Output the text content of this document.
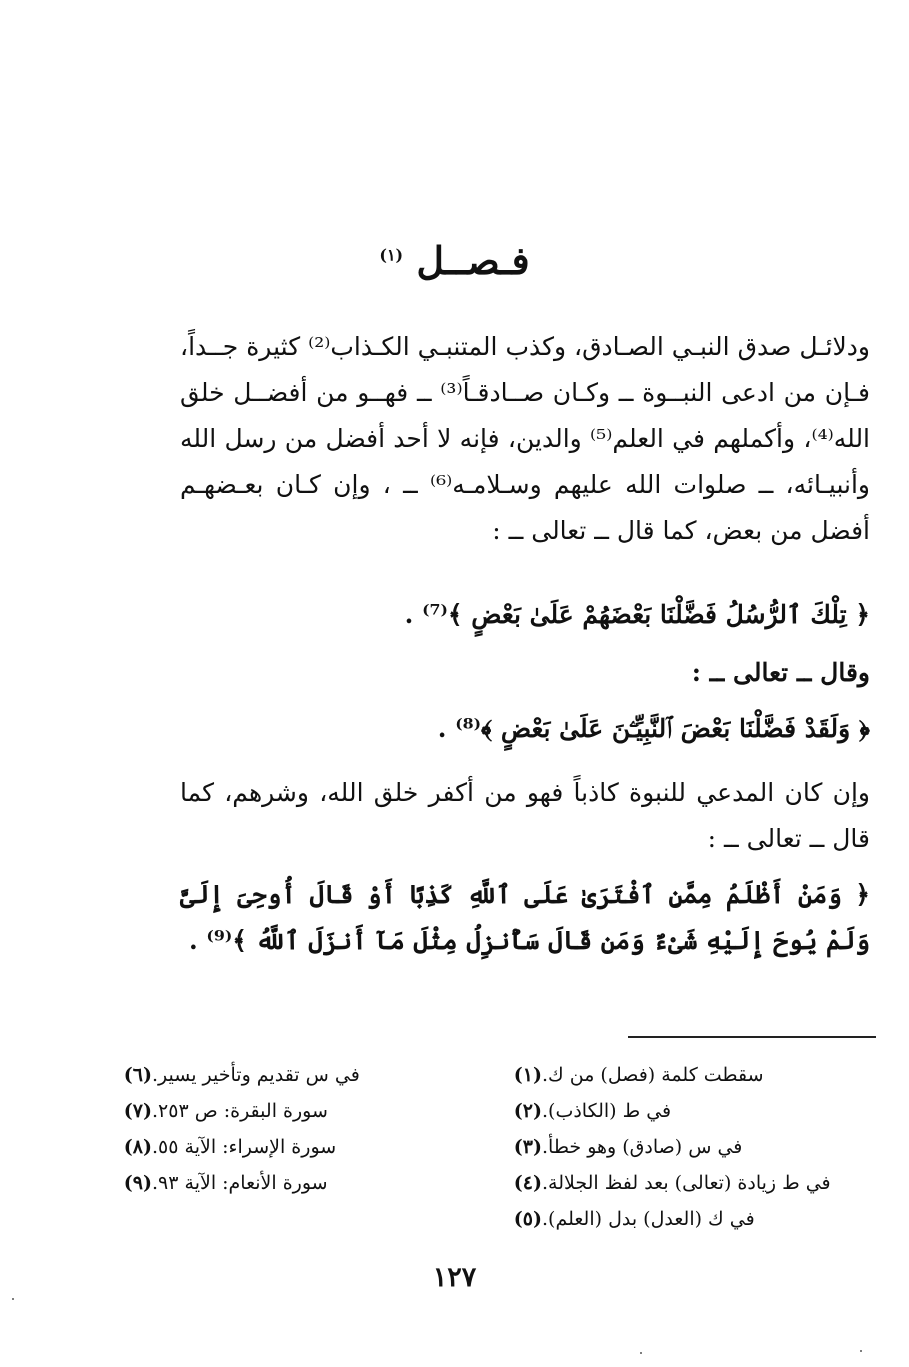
فـصــل $^{(١)}$
ودلائـل صدق النبـي الصـادق، وكذب المتنبـي الكـذاب⁽²⁾ كثيرة جــداً، فـإن من ادعى النبــوة ــ وكـان صــادقـاً⁽³⁾ ــ فهــو من أفضــل خلق الله⁽⁴⁾، وأكملهم في العلم⁽⁵⁾ والدين، فإنه لا أحد أفضل من رسل الله وأنبيـائه، ــ صلوات الله عليهم وسـلامـه⁽⁶⁾ ــ ، وإن كـان بعـضهـم أفضل من بعض، كما قال ــ تعالى ــ :
﴿ تِلْكَ ٱلرُّسُلُ فَضَّلْنَا بَعْضَهُمْ عَلَىٰ بَعْضٍ ﴾⁽⁷⁾ .
وقال ــ تعالى ــ :
﴿ وَلَقَدْ فَضَّلْنَا بَعْضَ ٱلنَّبِيِّـۧنَ عَلَىٰ بَعْضٍ ﴾⁽⁸⁾ .
وإن كان المدعي للنبوة كاذباً فهو من أكفر خلق الله، وشرهم، كما قال ــ تعالى ــ :
﴿ وَمَنْ أَظْلَمُ مِمَّنِ ٱفْتَرَىٰ عَلَى ٱللَّهِ كَذِبًا أَوْ قَالَ أُوحِىَ إِلَىَّ وَلَمْ يُوحَ إِلَيْهِ شَىْءٌ وَمَن قَالَ سَأُنزِلُ مِثْلَ مَآ أَنزَلَ ٱللَّهُ ﴾⁽⁹⁾ .
(١) سقطت كلمة (فصل) من ك.
(٢) في ط (الكاذب).
(٣) في س (صادق) وهو خطأ.
(٤) في ط زيادة (تعالى) بعد لفظ الجلالة.
(٥) في ك (العدل) بدل (العلم).
(٦) في س تقديم وتأخير يسير.
(٧) سورة البقرة: ص ٢٥٣.
(٨) سورة الإسراء: الآية ٥٥.
(٩) سورة الأنعام: الآية ٩٣.
١٢٧
